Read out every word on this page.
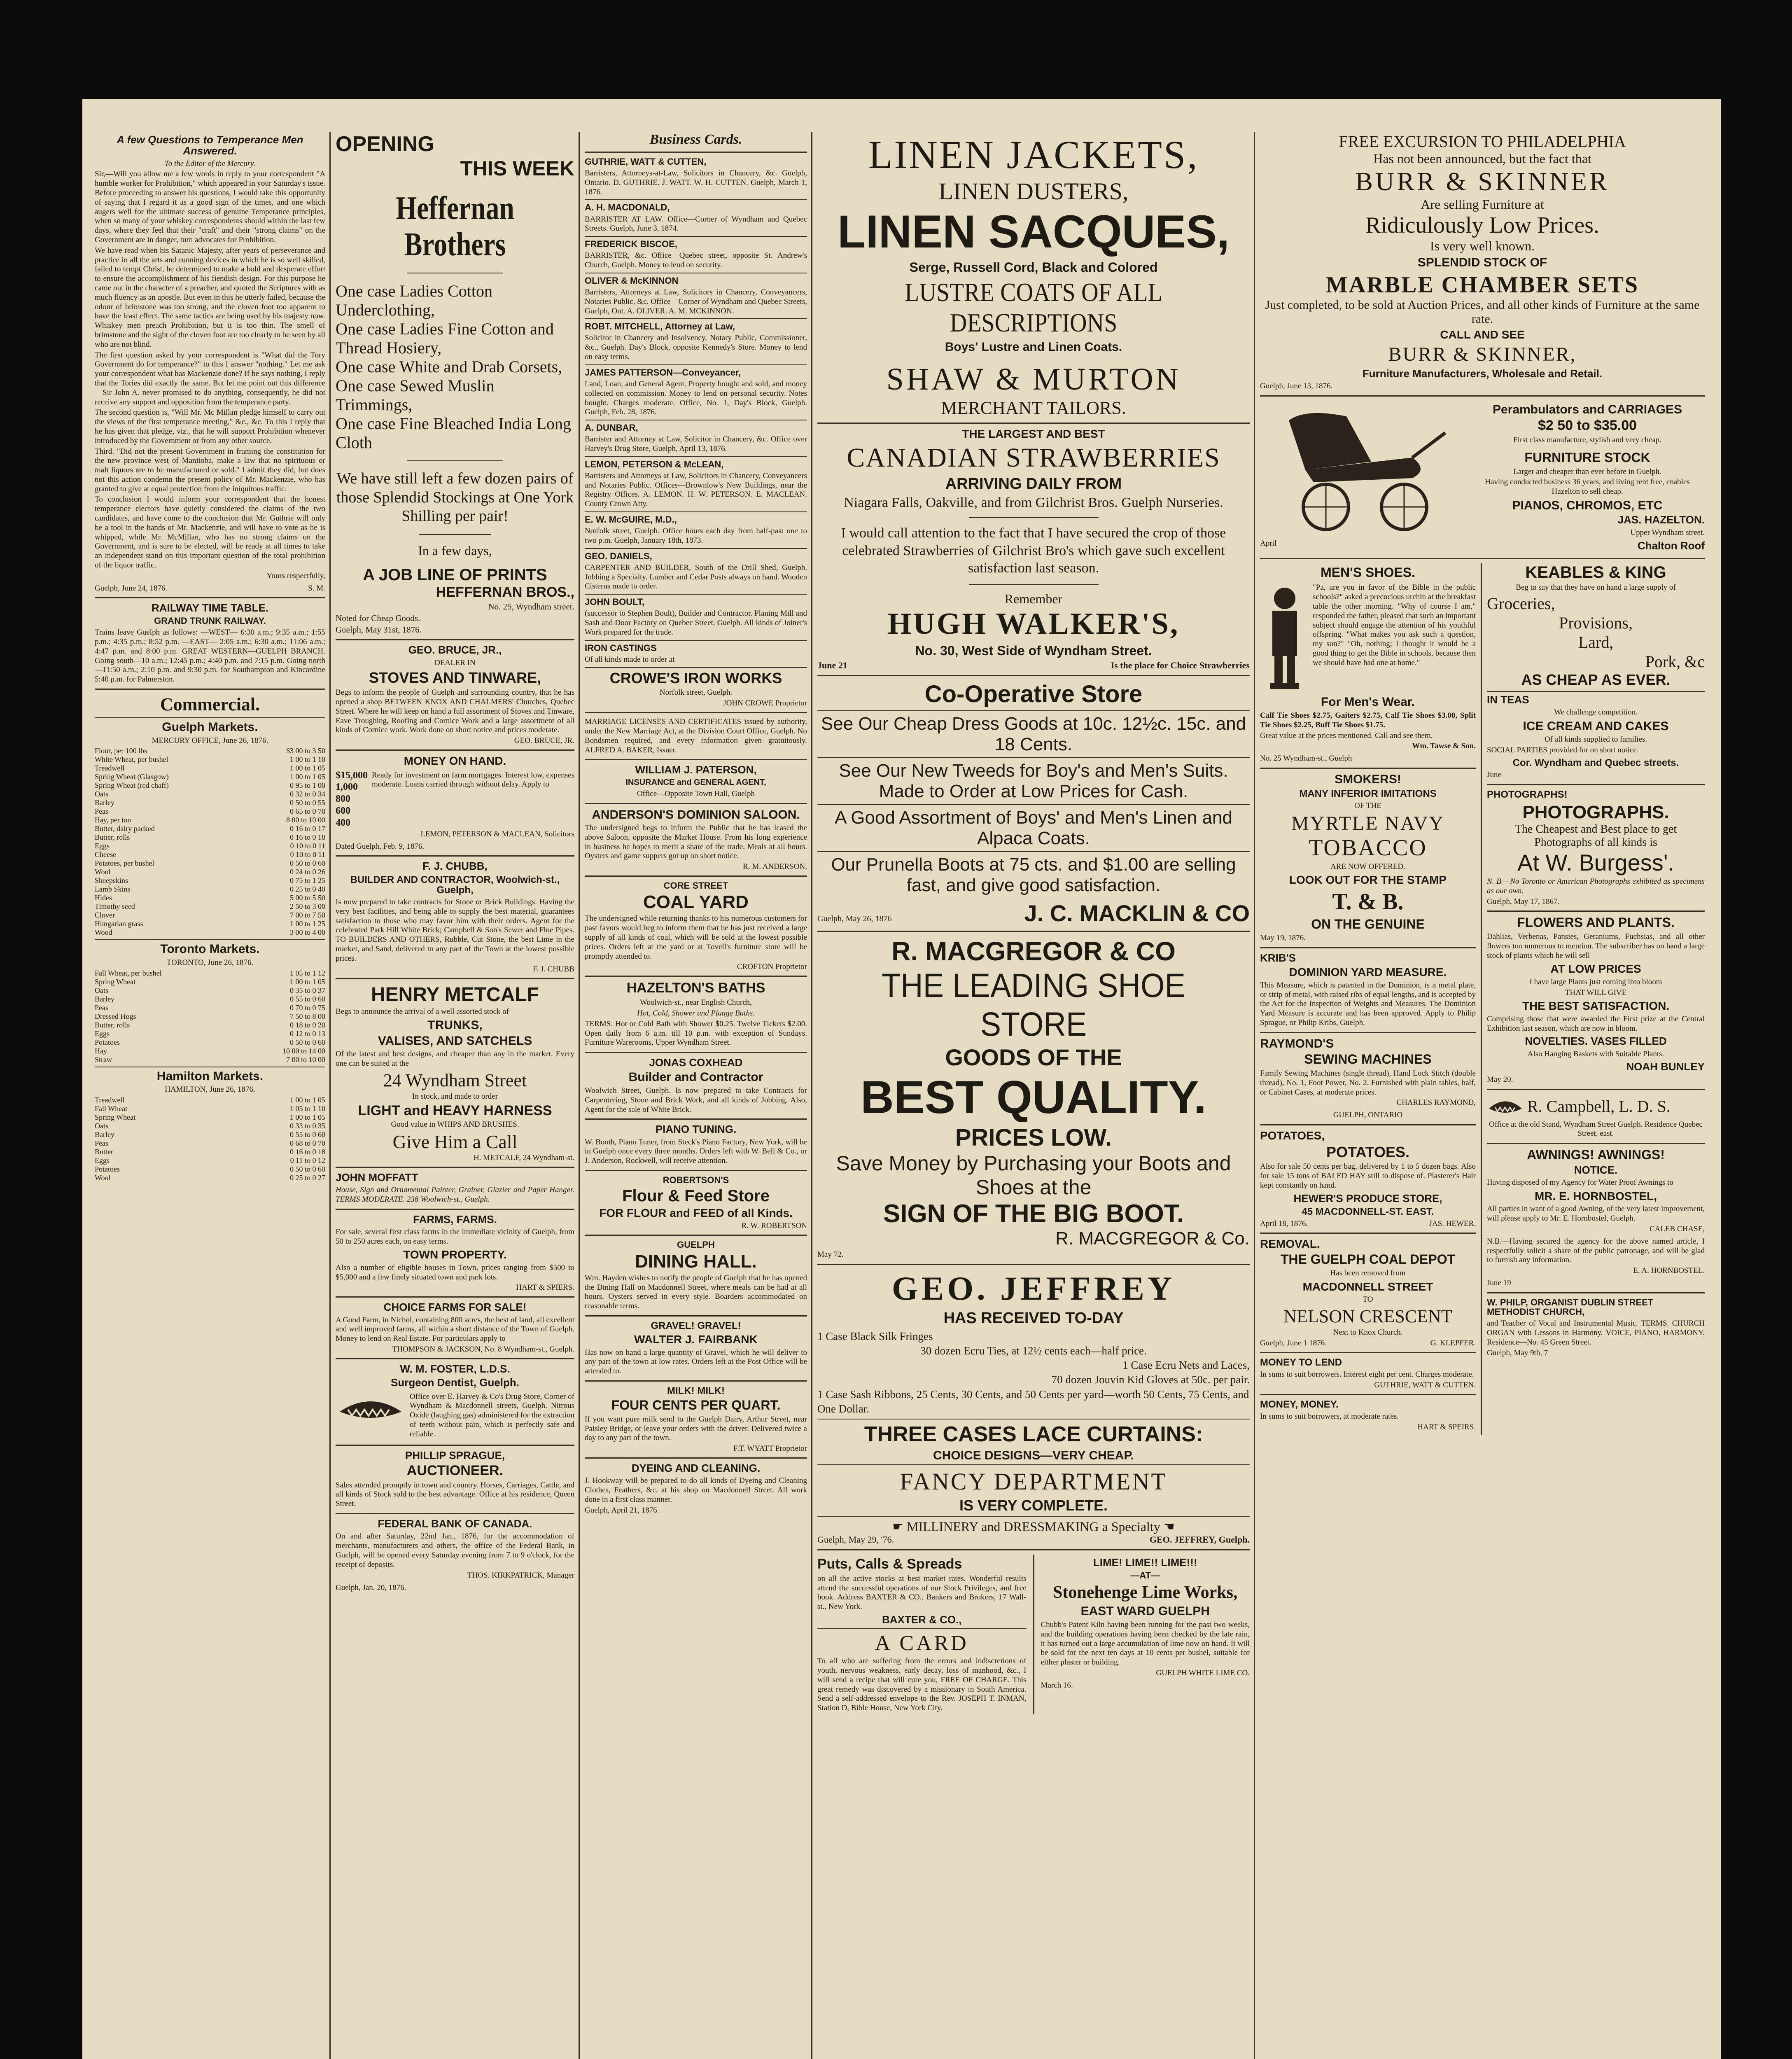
A few Questions to Temperance Men Answered.
To the Editor of the Mercury.

Sir,—Will you allow me a few words in reply to your correspondent "A humble worker for Prohibition," which appeared in your Saturday's issue. Before proceeding to answer his questions, I would take this opportunity of saying that I regard it as a good sign of the times, and one which augers well for the ultimate success of genuine Temperance principles, when so many of your whiskey correspondents should within the last few days, where they feel that their "craft" and their "strong claims" on the Government are in danger, turn advocates for Prohibition.

We have read when his Satanic Majesty, after years of perseverance and practice in all the arts and cunning devices in which he is so well skilled, failed to tempt Christ, he determined to make a bold and desperate effort to ensure the accomplishment of his fiendish design. For this purpose he came out in the character of a preacher, and quoted the Scriptures with as much fluency as an apostle. But even in this he utterly failed, because the odour of brimstone was too strong, and the cloven foot too apparent to have the least effect. The same tactics are being used by his majesty now. Whiskey men preach Prohibition, but it is too thin. The smell of brimstone and the sight of the cloven foot are too clearly to be seen by all who are not blind.

The first question asked by your correspondent is "What did the Tory Government do for temperance?" to this I answer "nothing." Let me ask your correspondent what has Mackenzie done? If he says nothing, I reply that the Tories did exactly the same. But let me point out this difference—Sir John A. never promised to do anything, consequently, he did not receive any support and opposition from the temperance party.

The second question is, "Will Mr. Mc Millan pledge himself to carry out the views of the first temperance meeting," &c., &c. To this I reply that he has given that pledge, viz., that he will support Prohibition whenever introduced by the Government or from any other source.

Third. "Did not the present Government in framing the constitution for the new province west of Manitoba, make a law that no spirituous or malt liquors are to be manufactured or sold." I admit they did, but does not this action condemn the present policy of Mr. Mackenzie, who has granted to give at equal protection from the iniquitous traffic.

To conclusion I would inform your correspondent that the honest temperance electors have quietly considered the claims of the two candidates, and have come to the conclusion that Mr. Guthrie will only be a tool in the hands of Mr. Mackenzie, and will have to vote as he is whipped, while Mr. McMillan, who has no strong claims on the Government, and is sure to be elected, will be ready at all times to take an independent stand on this important question of the total prohibition of the liquor traffic.

Yours respectfully,
Guelph, June 24, 1876.	S. M.
RAILWAY TIME TABLE.
GRAND TRUNK RAILWAY.

Trains leave Guelph as follows: —WEST— 6:30 a.m.; 9:35 a.m.; 1:55 p.m.; 4:35 p.m.; 8:52 p.m. —EAST— 2:05 a.m.; 6:30 a.m.; 11:06 a.m.; 4:47 p.m. and 8:00 p.m. GREAT WESTERN—GUELPH BRANCH. Going south—10 a.m.; 12:45 p.m.; 4:40 p.m. and 7:15 p.m. Going north—11:50 a.m.; 2:10 p.m. and 9:30 p.m. for Southampton and Kincardine 5:40 p.m. for Palmerston.

Commercial.
Guelph Markets.
MERCURY OFFICE, June 26, 1876.
Flour, per 100 lbs	$3 00 to 3 50
White Wheat, per bushel	1 00 to 1 10
Treadwell	1 00 to 1 05
Spring Wheat (Glasgow)	1 00 to 1 05
Spring Wheat (red chaff)	0 95 to 1 00
Oats	0 32 to 0 34
Barley	0 50 to 0 55
Peas	0 65 to 0 70
Hay, per ton	8 00 to 10 00
Butter, dairy packed	0 16 to 0 17
Butter, rolls	0 16 to 0 18
Eggs	0 10 to 0 11
Cheese	0 10 to 0 11
Potatoes, per bushel	0 50 to 0 60
Wool	0 24 to 0 26
Sheepskins	0 75 to 1 25
Lamb Skins	0 25 to 0 40
Hides	5 00 to 5 50
Timothy seed	2 50 to 3 00
Clover	7 00 to 7 50
Hungarian grass	1 00 to 1 25
Wood	3 00 to 4 00
Toronto Markets.
TORONTO, June 26, 1876.
Fall Wheat, per bushel	1 05 to 1 12
Spring Wheat	1 00 to 1 05
Oats	0 35 to 0 37
Barley	0 55 to 0 60
Peas	0 70 to 0 75
Dressed Hogs	7 50 to 8 00
Butter, rolls	0 18 to 0 20
Eggs	0 12 to 0 13
Potatoes	0 50 to 0 60
Hay	10 00 to 14 00
Straw	7 00 to 10 00
Hamilton Markets.
HAMILTON, June 26, 1876.
Treadwell	1 00 to 1 05
Fall Wheat	1 05 to 1 10
Spring Wheat	1 00 to 1 05
Oats	0 33 to 0 35
Barley	0 55 to 0 60
Peas	0 68 to 0 70
Butter	0 16 to 0 18
Eggs	0 11 to 0 12
Potatoes	0 50 to 0 60
Wool	0 25 to 0 27
OPENING
THIS WEEK
Heffernan Brothers
One case Ladies Cotton Underclothing,
One case Ladies Fine Cotton and Thread Hosiery,
One case White and Drab Corsets,
One case Sewed Muslin Trimmings,
One case Fine Bleached India Long Cloth
We have still left a few dozen pairs of those Splendid Stockings at One York Shilling per pair!
In a few days,
A JOB LINE OF PRINTS
HEFFERNAN BROS.,
No. 25, Wyndham street.
Noted for Cheap Goods.
Guelph, May 31st, 1876.
GEO. BRUCE, JR.,
DEALER IN
STOVES AND TINWARE,

Begs to inform the people of Guelph and surrounding country, that he has opened a shop BETWEEN KNOX AND CHALMERS' Churches, Quebec Street. Where he will keep on hand a full assortment of Stoves and Tinware, Eave Troughing, Roofing and Cornice Work and a large assortment of all kinds of Cornice work. Work done on short notice and prices moderate.

GEO. BRUCE, JR.
MONEY ON HAND.
$15,000
1,000
800
600
400

Ready for investment on farm mortgages. Interest low, expenses moderate. Loans carried through without delay. Apply to

LEMON, PETERSON & MACLEAN, Solicitors
Dated Guelph, Feb. 9, 1876.
F. J. CHUBB,
BUILDER AND CONTRACTOR, Woolwich-st., Guelph,

Is now prepared to take contracts for Stone or Brick Buildings. Having the very best facilities, and being able to supply the best material, guarantees satisfaction to those who may favor him with their orders. Agent for the celebrated Park Hill White Brick; Campbell & Son's Sewer and Flue Pipes. TO BUILDERS AND OTHERS, Rubble, Cut Stone, the best Lime in the market, and Sand, delivered to any part of the Town at the lowest possible prices.

F. J. CHUBB
HENRY METCALF

Begs to announce the arrival of a well assorted stock of

TRUNKS,
VALISES, AND SATCHELS

Of the latest and best designs, and cheaper than any in the market. Every one can be suited at the

24 Wyndham Street
In stock, and made to order
LIGHT and HEAVY HARNESS
Good value in WHIPS AND BRUSHES.
Give Him a Call
H. METCALF, 24 Wyndham-st.
JOHN MOFFATT

House, Sign and Ornamental Painter, Grainer, Glazier and Paper Hanger. TERMS MODERATE. 238 Woolwich-st., Guelph.

FARMS, FARMS.

For sale, several first class farms in the immediate vicinity of Guelph, from 50 to 250 acres each, on easy terms.

TOWN PROPERTY.

Also a number of eligible houses in Town, prices ranging from $500 to $5,000 and a few finely situated town and park lots.

HART & SPIERS.
CHOICE FARMS FOR SALE!

A Good Farm, in Nichol, containing 800 acres, the best of land, all excellent and well improved farms, all within a short distance of the Town of Guelph. Money to lend on Real Estate. For particulars apply to

THOMPSON & JACKSON, No. 8 Wyndham-st., Guelph.
W. M. FOSTER, L.D.S.
Surgeon Dentist, Guelph.

Office over E. Harvey & Co's Drug Store, Corner of Wyndham & Macdonnell streets, Guelph. Nitrous Oxide (laughing gas) administered for the extraction of teeth without pain, which is perfectly safe and reliable.

PHILLIP SPRAGUE,
AUCTIONEER.

Sales attended promptly in town and country. Horses, Carriages, Cattle, and all kinds of Stock sold to the best advantage. Office at his residence, Queen Street.

FEDERAL BANK OF CANADA.

On and after Saturday, 22nd Jan., 1876, for the accommodation of merchants, manufacturers and others, the office of the Federal Bank, in Guelph, will be opened every Saturday evening from 7 to 9 o'clock, for the receipt of deposits.

THOS. KIRKPATRICK, Manager
Guelph, Jan. 20, 1876.
Business Cards.
GUTHRIE, WATT & CUTTEN,

Barristers, Attorneys-at-Law, Solicitors in Chancery, &c. Guelph, Ontario. D. GUTHRIE. J. WATT. W. H. CUTTEN. Guelph, March 1, 1876.

A. H. MACDONALD,

BARRISTER AT LAW. Office—Corner of Wyndham and Quebec Streets. Guelph, June 3, 1874.

FREDERICK BISCOE,

BARRISTER, &c. Office—Quebec street, opposite St. Andrew's Church, Guelph. Money to lend on security.

OLIVER & McKINNON

Barristers, Attorneys at Law, Solicitors in Chancery, Conveyancers, Notaries Public, &c. Office—Corner of Wyndham and Quebec Streets, Guelph, Ont. A. OLIVER. A. M. MCKINNON.

ROBT. MITCHELL, Attorney at Law,

Solicitor in Chancery and Insolvency, Notary Public, Commissioner, &c., Guelph. Day's Block, opposite Kennedy's Store. Money to lend on easy terms.

JAMES PATTERSON—Conveyancer,

Land, Loan, and General Agent. Property bought and sold, and money collected on commission. Money to lend on personal security. Notes bought. Charges moderate. Office, No. 1, Day's Block, Guelph. Guelph, Feb. 28, 1876.

A. DUNBAR,

Barrister and Attorney at Law, Solicitor in Chancery, &c. Office over Harvey's Drug Store, Guelph, April 13, 1876.

LEMON, PETERSON & McLEAN,

Barristers and Attorneys at Law, Solicitors in Chancery, Conveyancers and Notaries Public. Offices—Brownlow's New Buildings, near the Registry Offices. A. LEMON. H. W. PETERSON. E. MACLEAN. County Crown Atty.

E. W. McGUIRE, M.D.,

Norfolk street, Guelph. Office hours each day from half-past one to two p.m. Guelph, January 18th, 1873.

GEO. DANIELS,

CARPENTER AND BUILDER, South of the Drill Shed, Guelph. Jobbing a Specialty. Lumber and Cedar Posts always on hand. Wooden Cisterns made to order.

JOHN BOULT,

(successor to Stephen Boult), Builder and Contractor. Planing Mill and Sash and Door Factory on Quebec Street, Guelph. All kinds of Joiner's Work prepared for the trade.

IRON CASTINGS

Of all kinds made to order at

CROWE'S IRON WORKS
Norfolk street, Guelph.
JOHN CROWE Proprietor

MARRIAGE LICENSES AND CERTIFICATES issued by authority, under the New Marriage Act, at the Division Court Office, Guelph. No Bondsmen required, and every information given gratuitously. ALFRED A. BAKER, Issuer.

WILLIAM J. PATERSON,
INSURANCE and GENERAL AGENT,
Office—Opposite Town Hall, Guelph
ANDERSON'S DOMINION SALOON.

The undersigned begs to inform the Public that he has leased the above Saloon, opposite the Market House. From his long experience in business he hopes to merit a share of the trade. Meals at all hours. Oysters and game suppers got up on short notice.

R. M. ANDERSON.
CORE STREET
COAL YARD

The undersigned while returning thanks to his numerous customers for past favors would beg to inform them that he has just received a large supply of all kinds of coal, which will be sold at the lowest possible prices. Orders left at the yard or at Tovell's furniture store will be promptly attended to.

CROFTON Proprietor
HAZELTON'S BATHS
Woolwich-st., near English Church,
Hot, Cold, Shower and Plunge Baths.

TERMS: Hot or Cold Bath with Shower $0.25. Twelve Tickets $2.00. Open daily from 6 a.m. till 10 p.m. with exception of Sundays. Furniture Warerooms, Upper Wyndham Street.

JONAS COXHEAD
Builder and Contractor

Woolwich Street, Guelph. Is now prepared to take Contracts for Carpentering, Stone and Brick Work, and all kinds of Jobbing. Also, Agent for the sale of White Brick.

PIANO TUNING.

W. Booth, Piano Tuner, from Steck's Piano Factory, New York, will be in Guelph once every three months. Orders left with W. Bell & Co., or J. Anderson, Rockwell, will receive attention.

ROBERTSON'S
Flour & Feed Store
FOR FLOUR and FEED of all Kinds.
R. W. ROBERTSON
GUELPH
DINING HALL.

Wm. Hayden wishes to notify the people of Guelph that he has opened the Dining Hall on Macdonnell Street, where meals can be had at all hours. Oysters served in every style. Boarders accommodated on reasonable terms.

GRAVEL! GRAVEL!
WALTER J. FAIRBANK

Has now on hand a large quantity of Gravel, which he will deliver to any part of the town at low rates. Orders left at the Post Office will be attended to.

MILK! MILK!
FOUR CENTS PER QUART.

If you want pure milk send to the Guelph Dairy, Arthur Street, near Paisley Bridge, or leave your orders with the driver. Delivered twice a day to any part of the town.

F.T. WYATT Proprietor
DYEING AND CLEANING.

J. Hookway will be prepared to do all kinds of Dyeing and Cleaning Clothes, Feathers, &c. at his shop on Macdonnell Street. All work done in a first class manner.

Guelph, April 21, 1876.
LINEN JACKETS,
LINEN DUSTERS,
LINEN SACQUES,
Serge, Russell Cord, Black and Colored
LUSTRE COATS OF ALL DESCRIPTIONS
Boys' Lustre and Linen Coats.
SHAW & MURTON
MERCHANT TAILORS.
THE LARGEST AND BEST
CANADIAN STRAWBERRIES
ARRIVING DAILY FROM
Niagara Falls, Oakville, and from Gilchrist Bros. Guelph Nurseries.
I would call attention to the fact that I have secured the crop of those celebrated Strawberries of Gilchrist Bro's which gave such excellent satisfaction last season.
Remember
HUGH WALKER'S,
No. 30, West Side of Wyndham Street.
June 21	Is the place for Choice Strawberries
Co-Operative Store
See Our Cheap Dress Goods at 10c. 12½c. 15c. and 18 Cents.
See Our New Tweeds for Boy's and Men's Suits. Made to Order at Low Prices for Cash.
A Good Assortment of Boys' and Men's Linen and Alpaca Coats.
Our Prunella Boots at 75 cts. and $1.00 are selling fast, and give good satisfaction.
Guelph, May 26, 1876	J. C. MACKLIN & CO
R. MACGREGOR & CO
THE LEADING SHOE STORE
GOODS OF THE
BEST QUALITY.
PRICES LOW.
Save Money by Purchasing your Boots and Shoes at the
SIGN OF THE BIG BOOT.
R. MACGREGOR & Co.
May 72.
GEO. JEFFREY
HAS RECEIVED TO-DAY
1 Case Black Silk Fringes
30 dozen Ecru Ties, at 12½ cents each—half price.
1 Case Ecru Nets and Laces,
70 dozen Jouvin Kid Gloves at 50c. per pair.
1 Case Sash Ribbons, 25 Cents, 30 Cents, and 50 Cents per yard—worth 50 Cents, 75 Cents, and One Dollar.
THREE CASES LACE CURTAINS:
CHOICE DESIGNS—VERY CHEAP.
FANCY DEPARTMENT
IS VERY COMPLETE.
☛ MILLINERY and DRESSMAKING a Specialty ☚
Guelph, May 29, '76.	GEO. JEFFREY, Guelph.
Puts, Calls & Spreads

on all the active stocks at best market rates. Wonderful results attend the successful operations of our Stock Privileges, and free book. Address BAXTER & CO., Bankers and Brokers, 17 Wall-st., New York.

BAXTER & CO.,
A CARD

To all who are suffering from the errors and indiscretions of youth, nervous weakness, early decay, loss of manhood, &c., I will send a recipe that will cure you, FREE OF CHARGE. This great remedy was discovered by a missionary in South America. Send a self-addressed envelope to the Rev. JOSEPH T. INMAN, Station D, Bible House, New York City.

LIME! LIME!! LIME!!!
—AT—
Stonehenge Lime Works,
EAST WARD GUELPH

Chubb's Patent Kiln having been running for the past two weeks, and the building operations having been checked by the late rain, it has turned out a large accumulation of lime now on hand. It will be sold for the next ten days at 10 cents per bushel, suitable for either plaster or building.

GUELPH WHITE LIME CO.
March 16.
FREE EXCURSION TO PHILADELPHIA
Has not been announced, but the fact that
BURR & SKINNER
Are selling Furniture at
Ridiculously Low Prices.
Is very well known.
SPLENDID STOCK OF
MARBLE CHAMBER SETS
Just completed, to be sold at Auction Prices, and all other kinds of Furniture at the same rate.
CALL AND SEE
BURR & SKINNER,
Furniture Manufacturers, Wholesale and Retail.
Guelph, June 13, 1876.
April
Perambulators and CARRIAGES
$2 50 to $35.00
First class manufacture, stylish and very cheap.
FURNITURE STOCK
Larger and cheaper than ever before in Guelph.
Having conducted business 36 years, and living rent free, enables Hazelton to sell cheap.
PIANOS, CHROMOS, ETC
JAS. HAZELTON.
Upper Wyndham street.
Chalton Roof
MEN'S SHOES.

"Pa, are you in favor of the Bible in the public schools?" asked a precocious urchin at the breakfast table the other morning. "Why of course I am," responded the father, pleased that such an important subject should engage the attention of his youthful offspring. "What makes you ask such a question, my son?" "Oh, nothing; I thought it would be a good thing to get the Bible in schools, because then we should have had one at home."

For Men's Wear.

Calf Tie Shoes $2.75, Gaiters $2.75, Calf Tie Shoes $3.00, Split Tie Shoes $2.25, Buff Tie Shoes $1.75.

Great value at the prices mentioned. Call and see them.

Wm. Tawse & Son.
No. 25 Wyndham-st., Guelph
SMOKERS!
MANY INFERIOR IMITATIONS
OF THE
MYRTLE NAVY
TOBACCO
ARE NOW OFFERED.
LOOK OUT FOR THE STAMP
T. & B.
ON THE GENUINE
May 19, 1876.
KRIB'S
DOMINION YARD MEASURE.

This Measure, which is patented in the Dominion, is a metal plate, or strip of metal, with raised ribs of equal lengths, and is accepted by the Act for the Inspection of Weights and Measures. The Dominion Yard Measure is accurate and has been approved. Apply to Philip Sprague, or Philip Kribs, Guelph.

RAYMOND'S
SEWING MACHINES

Family Sewing Machines (single thread), Hand Lock Stitch (double thread), No. 1, Foot Power, No. 2. Furnished with plain tables, half, or Cabinet Cases, at moderate prices.

CHARLES RAYMOND,
GUELPH, ONTARIO
POTATOES,
POTATOES.

Also for sale 50 cents per bag, delivered by 1 to 5 dozen bags. Also for sale 15 tons of BALED HAY still to dispose of. Plasterer's Hair kept constantly on hand.

HEWER'S PRODUCE STORE,
45 MACDONNELL-ST. EAST.
April 18, 1876.	JAS. HEWER.
REMOVAL.
THE GUELPH COAL DEPOT
Has been removed from
MACDONNELL STREET
TO
NELSON CRESCENT
Next to Knox Church.
Guelph, June 1 1876.	G. KLEPFER.
MONEY TO LEND

In sums to suit borrowers. Interest eight per cent. Charges moderate.

GUTHRIE, WATT & CUTTEN.
MONEY, MONEY.

In sums to suit borrowers, at moderate rates.

HART & SPEIRS.
KEABLES & KING

Beg to say that they have on hand a large supply of

Groceries,
Provisions,
Lard,
Pork, &c
AS CHEAP AS EVER.
IN TEAS
We challenge competition.
ICE CREAM AND CAKES
Of all kinds supplied to families.
SOCIAL PARTIES provided for on short notice.
Cor. Wyndham and Quebec streets.
June
PHOTOGRAPHS!
PHOTOGRAPHS.
The Cheapest and Best place to get Photographs of all kinds is
At W. Burgess'.

N. B.—No Toronto or American Photographs exhibited as specimens as our own.

Guelph, May 17, 1867.
FLOWERS AND PLANTS.

Dahlias, Verbenas, Pansies, Geraniums, Fuchsias, and all other flowers too numerous to mention. The subscriber has on hand a large stock of plants which he will sell

AT LOW PRICES
I have large Plants just coming into bloom
THAT WILL GIVE
THE BEST SATISFACTION.

Comprising those that were awarded the First prize at the Central Exhibition last season, which are now in bloom.

NOVELTIES. VASES FILLED
Also Hanging Baskets with Suitable Plants.
NOAH BUNLEY
May 20.
R. Campbell, L. D. S.

Office at the old Stand, Wyndham Street Guelph. Residence Quebec Street, east.

AWNINGS! AWNINGS!
NOTICE.

Having disposed of my Agency for Water Proof Awnings to

MR. E. HORNBOSTEL,

All parties in want of a good Awning, of the very latest improvement, will please apply to Mr. E. Hornbostel, Guelph.

CALEB CHASE,

N.B.—Having secured the agency for the above named article, I respectfully solicit a share of the public patronage, and will be glad to furnish any information.

E. A. HORNBOSTEL.
June 19
W. PHILP, ORGANIST DUBLIN STREET METHODIST CHURCH,

and Teacher of Vocal and Instrumental Music. TERMS. CHURCH ORGAN with Lessons in Harmony. VOICE, PIANO, HARMONY. Residence—No. 45 Green Street.

Guelph, May 9th, 7
